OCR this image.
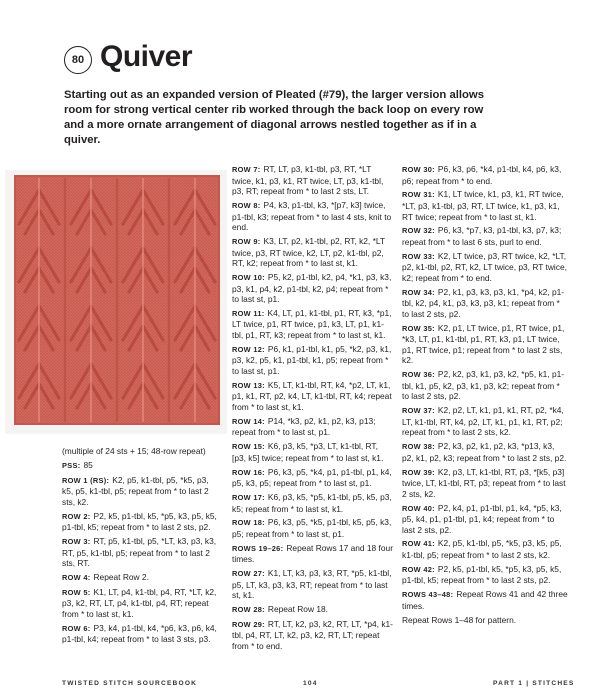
80 Quiver
Starting out as an expanded version of Pleated (#79), the larger version allows room for strong vertical center rib worked through the back loop on every row and a more ornate arrangement of diagonal arrows nestled together as if in a quiver.

(multiple of 24 sts + 15; 48-row repeat)

PSS: 85

ROW 1 (RS): K2, p5, k1-tbl, p5, *k5, p3, k5, p5, k1-tbl, p5; repeat from * to last 2 sts, k2.

ROW 2: P2, k5, p1-tbl, k5, *p5, k3, p5, k5, p1-tbl, k5; repeat from * to last 2 sts, p2.

ROW 3: RT, p5, k1-tbl, p5, *LT, k3, p3, k3, RT, p5, k1-tbl, p5; repeat from * to last 2 sts, RT.

ROW 4: Repeat Row 2.

ROW 5: K1, LT, p4, k1-tbl, p4, RT, *LT, k2, p3, k2, RT, LT, p4, k1-tbl, p4, RT; repeat from * to last st, k1.

ROW 6: P3, k4, p1-tbl, k4, *p6, k3, p6, k4, p1-tbl, k4; repeat from * to last 3 sts, p3.

ROW 7: RT, LT, p3, k1-tbl, p3, RT, *LT twice, k1, p3, k1, RT twice, LT, p3, k1-tbl, p3, RT; repeat from * to last 2 sts, LT.

ROW 8: P4, k3, p1-tbl, k3, *[p7, k3] twice, p1-tbl, k3; repeat from * to last 4 sts, knit to end.

ROW 9: K3, LT, p2, k1-tbl, p2, RT, k2, *LT twice, p3, RT twice, k2, LT, p2, k1-tbl, p2, RT, k2; repeat from * to last st, k1.

ROW 10: P5, k2, p1-tbl, k2, p4, *k1, p3, k3, p3, k1, p4, k2, p1-tbl, k2, p4; repeat from * to last st, p1.

ROW 11: K4, LT, p1, k1-tbl, p1, RT, k3, *p1, LT twice, p1, RT twice, p1, k3, LT, p1, k1-tbl, p1, RT, k3; repeat from * to last st, k1.

ROW 12: P6, k1, p1-tbl, k1, p5, *k2, p3, k1, p3, k2, p5, k1, p1-tbl, k1, p5; repeat from * to last st, p1.

ROW 13: K5, LT, k1-tbl, RT, k4, *p2, LT, k1, p1, k1, RT, p2, k4, LT, k1-tbl, RT, k4; repeat from * to last st, k1.

ROW 14: P14, *k3, p2, k1, p2, k3, p13; repeat from * to last st, p1.

ROW 15: K6, p3, k5, *p3, LT, k1-tbl, RT, [p3, k5] twice; repeat from * to last st, k1.

ROW 16: P6, k3, p5, *k4, p1, p1-tbl, p1, k4, p5, k3, p5; repeat from * to last st, p1.

ROW 17: K6, p3, k5, *p5, k1-tbl, p5, k5, p3, k5; repeat from * to last st, k1.

ROW 18: P6, k3, p5, *k5, p1-tbl, k5, p5, k3, p5; repeat from * to last st, p1.

ROWS 19–26: Repeat Rows 17 and 18 four times.

ROW 27: K1, LT, k3, p3, k3, RT, *p5, k1-tbl, p5, LT, k3, p3, k3, RT; repeat from * to last st, k1.

ROW 28: Repeat Row 18.

ROW 29: RT, LT, k2, p3, k2, RT, LT, *p4, k1-tbl, p4, RT, LT, k2, p3, k2, RT, LT; repeat from * to end.

ROW 30: P6, k3, p6, *k4, p1-tbl, k4, p6, k3, p6; repeat from * to end.

ROW 31: K1, LT twice, k1, p3, k1, RT twice, *LT, p3, k1-tbl, p3, RT, LT twice, k1, p3, k1, RT twice; repeat from * to last st, k1.

ROW 32: P6, k3, *p7, k3, p1-tbl, k3, p7, k3; repeat from * to last 6 sts, purl to end.

ROW 33: K2, LT twice, p3, RT twice, k2, *LT, p2, k1-tbl, p2, RT, k2, LT twice, p3, RT twice, k2; repeat from * to end.

ROW 34: P2, k1, p3, k3, p3, k1, *p4, k2, p1-tbl, k2, p4, k1, p3, k3, p3, k1; repeat from * to last 2 sts, p2.

ROW 35: K2, p1, LT twice, p1, RT twice, p1, *k3, LT, p1, k1-tbl, p1, RT, k3, p1, LT twice, p1, RT twice, p1; repeat from * to last 2 sts, k2.

ROW 36: P2, k2, p3, k1, p3, k2, *p5, k1, p1-tbl, k1, p5, k2, p3, k1, p3, k2; repeat from * to last 2 sts, p2.

ROW 37: K2, p2, LT, k1, p1, k1, RT, p2, *k4, LT, k1-tbl, RT, k4, p2, LT, k1, p1, k1, RT, p2; repeat from * to last 2 sts, k2.

ROW 38: P2, k3, p2, k1, p2, k3, *p13, k3, p2, k1, p2, k3; repeat from * to last 2 sts, p2.

ROW 39: K2, p3, LT, k1-tbl, RT, p3, *[k5, p3] twice, LT, k1-tbl, RT, p3; repeat from * to last 2 sts, k2.

ROW 40: P2, k4, p1, p1-tbl, p1, k4, *p5, k3, p5, k4, p1, p1-tbl, p1, k4; repeat from * to last 2 sts, p2.

ROW 41: K2, p5, k1-tbl, p5, *k5, p3, k5, p5, k1-tbl, p5; repeat from * to last 2 sts, k2.

ROW 42: P2, k5, p1-tbl, k5, *p5, k3, p5, k5, p1-tbl, k5; repeat from * to last 2 sts, p2.

ROWS 43–48: Repeat Rows 41 and 42 three times.

Repeat Rows 1–48 for pattern.

TWISTED STITCH SOURCEBOOK	104	PART 1 | STITCHES
